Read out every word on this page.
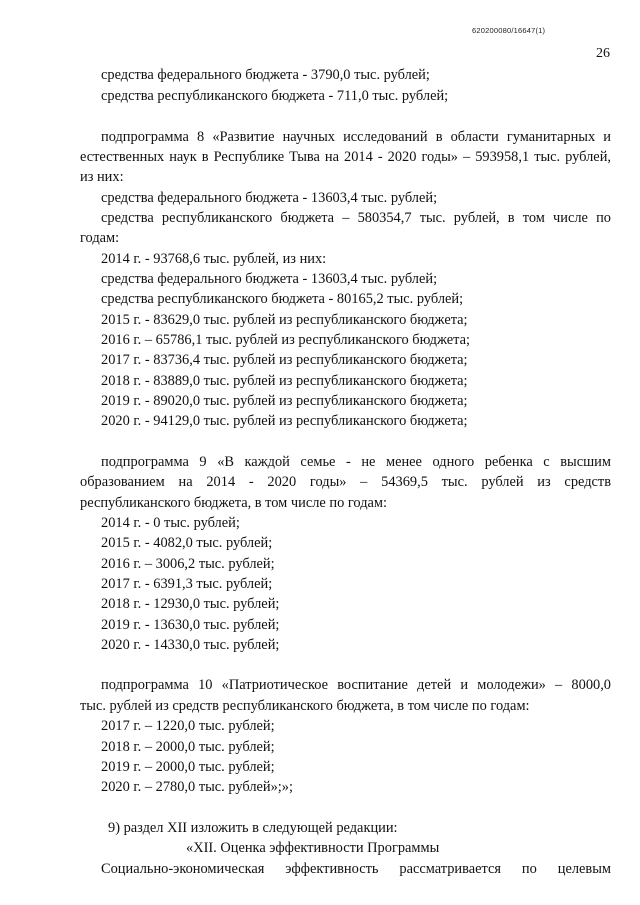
620200080/16647(1)
26
средства федерального бюджета - 3790,0 тыс. рублей;
средства республиканского бюджета - 711,0 тыс. рублей;
подпрограмма 8 «Развитие научных исследований в области гуманитарных и
естественных наук в Республике Тыва на 2014 - 2020 годы» – 593958,1 тыс. рублей,
из них:
средства федерального бюджета - 13603,4 тыс. рублей;
средства республиканского бюджета – 580354,7 тыс. рублей, в том числе по
годам:
2014 г. - 93768,6 тыс. рублей, из них:
средства федерального бюджета - 13603,4 тыс. рублей;
средства республиканского бюджета - 80165,2 тыс. рублей;
2015 г. - 83629,0 тыс. рублей из республиканского бюджета;
2016 г. – 65786,1 тыс. рублей из республиканского бюджета;
2017 г. - 83736,4 тыс. рублей из республиканского бюджета;
2018 г. - 83889,0 тыс. рублей из республиканского бюджета;
2019 г. - 89020,0 тыс. рублей из республиканского бюджета;
2020 г. - 94129,0 тыс. рублей из республиканского бюджета;
подпрограмма 9 «В каждой семье - не менее одного ребенка с высшим
образованием на 2014 - 2020 годы» – 54369,5 тыс. рублей из средств
республиканского бюджета, в том числе по годам:
2014 г. - 0 тыс. рублей;
2015 г. - 4082,0 тыс. рублей;
2016 г. – 3006,2 тыс. рублей;
2017 г. - 6391,3 тыс. рублей;
2018 г. - 12930,0 тыс. рублей;
2019 г. - 13630,0 тыс. рублей;
2020 г. - 14330,0 тыс. рублей;
подпрограмма 10 «Патриотическое воспитание детей и молодежи» – 8000,0
тыс. рублей из средств республиканского бюджета, в том числе по годам:
2017 г. – 1220,0 тыс. рублей;
2018 г. – 2000,0 тыс. рублей;
2019 г. – 2000,0 тыс. рублей;
2020 г. – 2780,0 тыс. рублей»;»;
9) раздел XII изложить в следующей редакции:
«XII. Оценка эффективности Программы
Социально-экономическая эффективность рассматривается по целевым
